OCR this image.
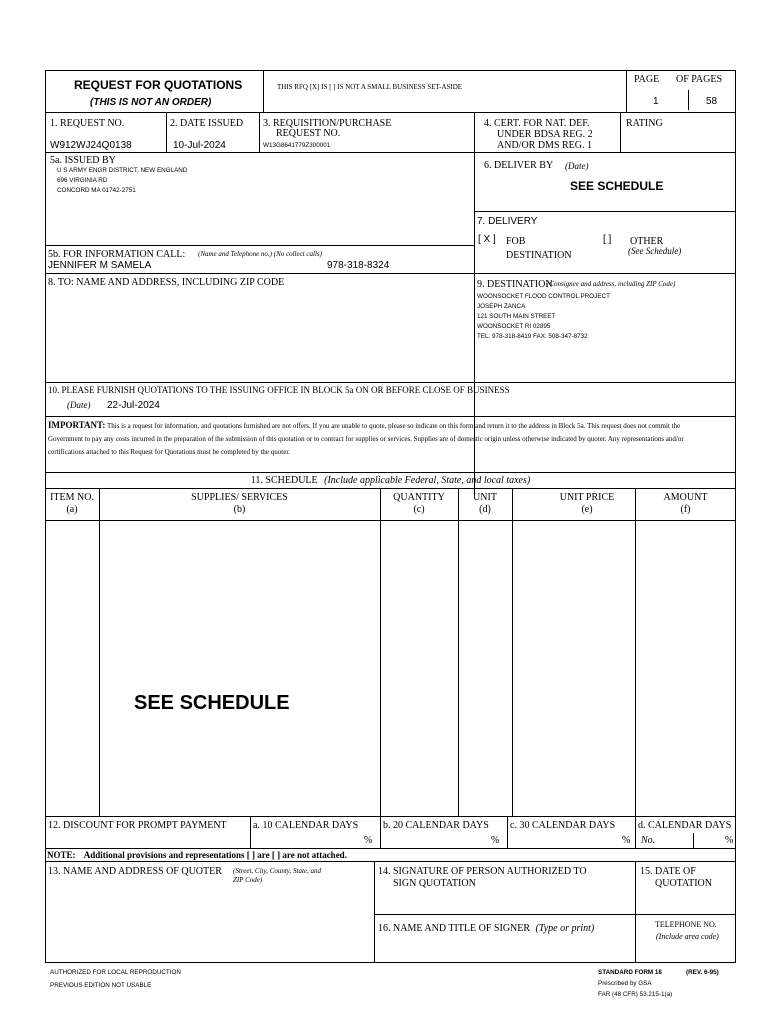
REQUEST FOR QUOTATIONS
(THIS IS NOT AN ORDER)
THIS RFQ [X] IS [ ] IS NOT A SMALL BUSINESS SET-ASIDE
PAGE OF PAGES
1	58
1. REQUEST NO.
W912WJ24Q0138
2. DATE ISSUED
10-Jul-2024
3. REQUISITION/PURCHASE
REQUEST NO.
W13G8641779Z300001
4. CERT. FOR NAT. DEF.
UNDER BDSA REG. 2
AND/OR DMS REG. 1
RATING
5a. ISSUED BY
U S ARMY ENGR DISTRICT, NEW ENGLAND
696 VIRGINIA RD
CONCORD MA 01742-2751
6. DELIVER BY (Date)
SEE SCHEDULE
7. DELIVERY
[ X ] FOB
DESTINATION
[ ] OTHER
(See Schedule)
5b. FOR INFORMATION CALL: (Name and Telephone no.) (No collect calls)
JENNIFER M SAMELA	978-318-8324
8. TO: NAME AND ADDRESS, INCLUDING ZIP CODE	9. DESTINATION
(Consignee and address, including ZIP Code)
WOONSOCKET FLOOD CONTROL PROJECT
JOSEPH ZANCA
121 SOUTH MAIN STREET
WOONSOCKET RI 02895
TEL: 978-318-8419 FAX: 508-347-8732
10. PLEASE FURNISH QUOTATIONS TO THE ISSUING OFFICE IN BLOCK 5a ON OR BEFORE CLOSE OF BUSINESS
(Date) 22-Jul-2024
IMPORTANT: This is a request for information, and quotations furnished are not offers. If you are unable to quote, please so indicate on this form and return it to the address in Block 5a. This request does not commit the Government to pay any costs incurred in the preparation of the submission of this quotation or to contract for supplies or services. Supplies are of domestic origin unless otherwise indicated by quoter. Any representations and/or certifications attached to this Request for Quotations must be completed by the quoter.
11. SCHEDULE (Include applicable Federal, State, and local taxes)
ITEM NO.
(a)
SUPPLIES/ SERVICES
(b)
QUANTITY
(c)
UNIT
(d)
UNIT PRICE
(e)
AMOUNT
(f)
SEE SCHEDULE
12. DISCOUNT FOR PROMPT PAYMENT	a. 10 CALENDAR DAYS
%
b. 20 CALENDAR DAYS
%
c. 30 CALENDAR DAYS
%
d. CALENDAR DAYS
No.	%
NOTE: Additional provisions and representations [ ] are [ ] are not attached.
13. NAME AND ADDRESS OF QUOTER (Street, City, County, State, and
ZIP Code)
14. SIGNATURE OF PERSON AUTHORIZED TO
SIGN QUOTATION
15. DATE OF
QUOTATION
16. NAME AND TITLE OF SIGNER (Type or print)	TELEPHONE NO.
(Include area code)
AUTHORIZED FOR LOCAL REPRODUCTION
PREVIOUS EDITION NOT USABLE
STANDARD FORM 18	(REV. 6-95)
Prescribed by GSA
FAR (48 CFR) 53.215-1(a)
